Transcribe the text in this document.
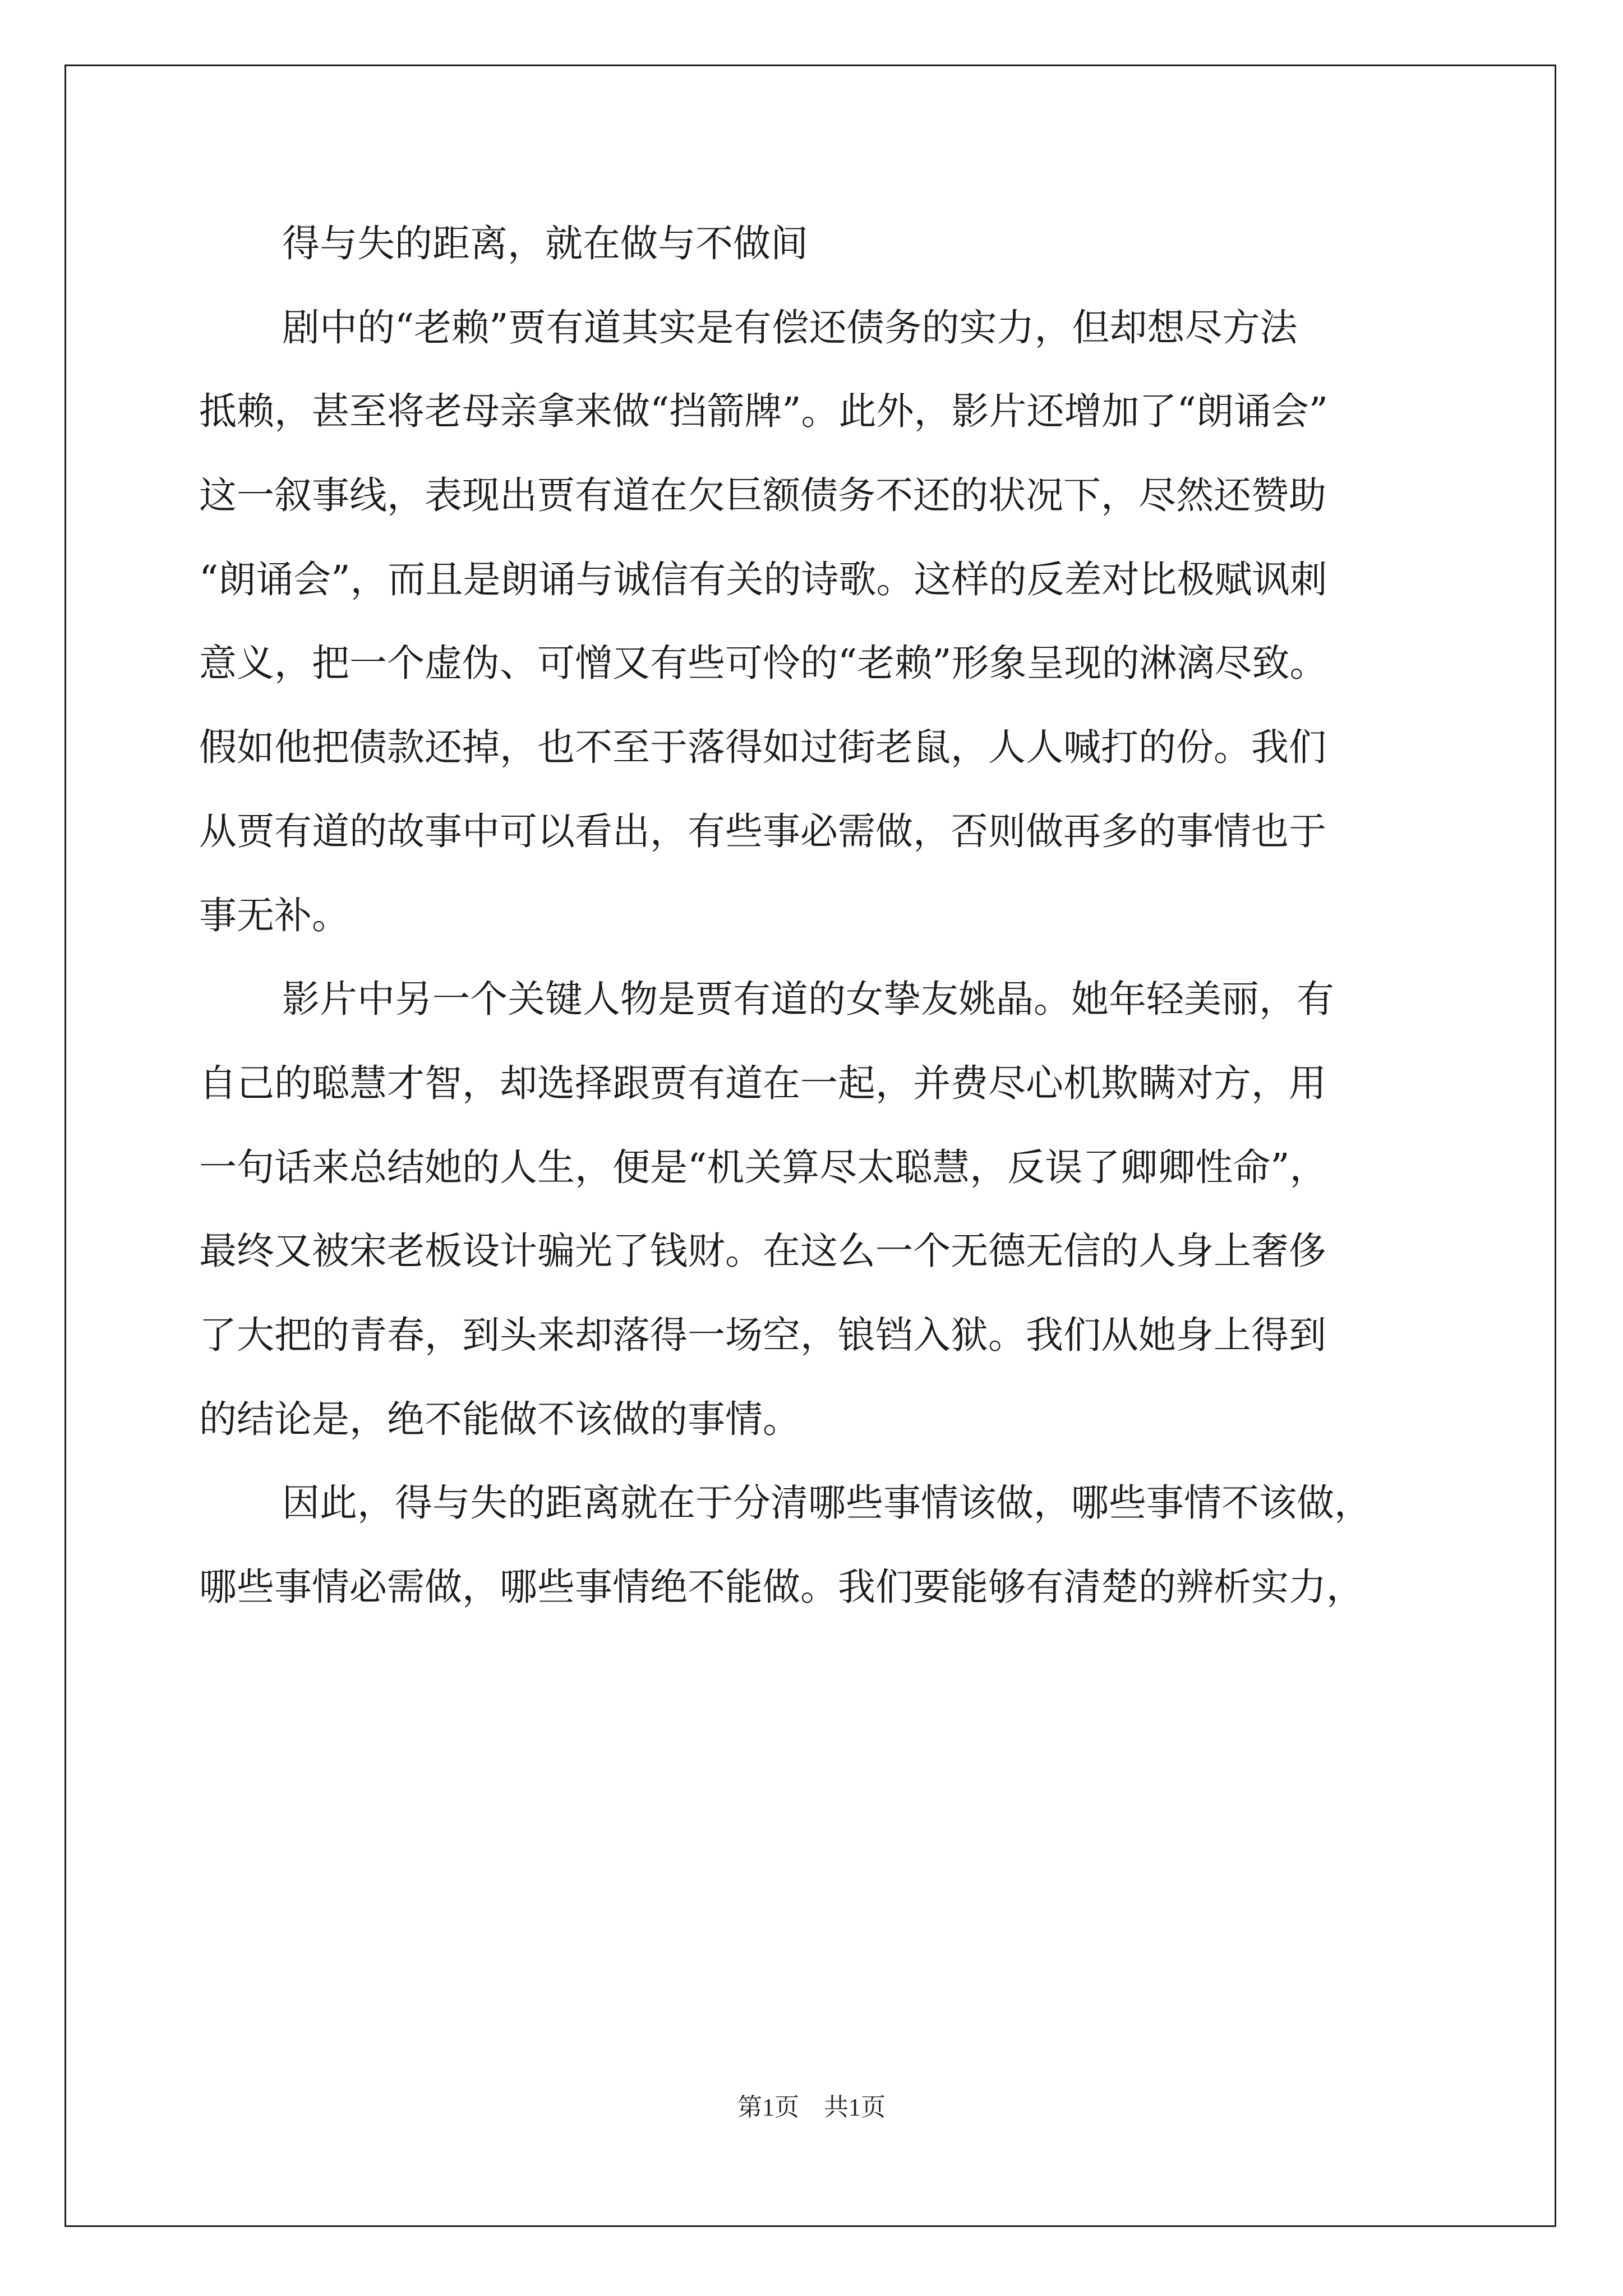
得与失的距离，就在做与不做间
剧中的“老赖”贾有道其实是有偿还债务的实力，但却想尽方法
抵赖，甚至将老母亲拿来做“挡箭牌”。此外，影片还增加了“朗诵会”
这一叙事线，表现出贾有道在欠巨额债务不还的状况下，尽然还赞助
“朗诵会”，而且是朗诵与诚信有关的诗歌。这样的反差对比极赋讽刺
意义，把一个虚伪、可憎又有些可怜的“老赖”形象呈现的淋漓尽致。
假如他把债款还掉，也不至于落得如过街老鼠，人人喊打的份。我们
从贾有道的故事中可以看出，有些事必需做，否则做再多的事情也于
事无补。
影片中另一个关键人物是贾有道的女挚友姚晶。她年轻美丽，有
自己的聪慧才智，却选择跟贾有道在一起，并费尽心机欺瞒对方，用
一句话来总结她的人生，便是“机关算尽太聪慧，反误了卿卿性命”，
最终又被宋老板设计骗光了钱财。在这么一个无德无信的人身上奢侈
了大把的青春，到头来却落得一场空，锒铛入狱。我们从她身上得到
的结论是，绝不能做不该做的事情。
因此，得与失的距离就在于分清哪些事情该做，哪些事情不该做，
哪些事情必需做，哪些事情绝不能做。我们要能够有清楚的辨析实力，
第1页　共1页
